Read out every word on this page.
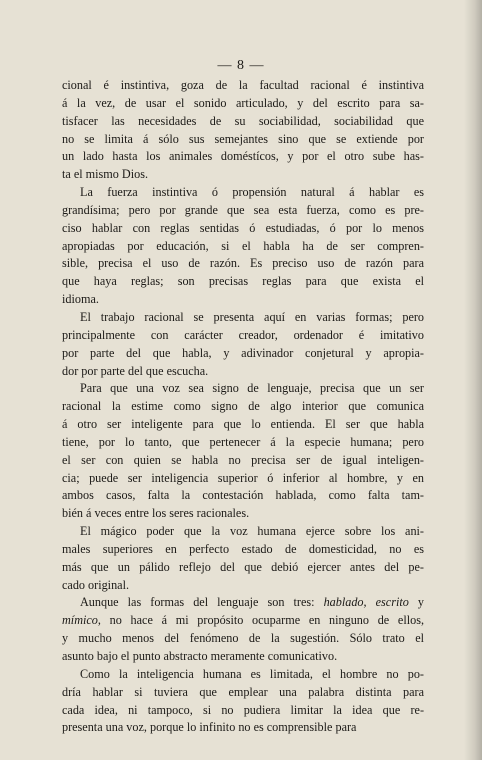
— 8 —
cional é instintiva, goza de la facultad racional é instintiva
á la vez, de usar el sonido articulado, y del escrito para sa-
tisfacer las necesidades de su sociabilidad, sociabilidad que
no se limita á sólo sus semejantes sino que se extiende por
un lado hasta los animales doméstícos, y por el otro sube has-
ta el mismo Dios.
La fuerza instintiva ó propensión natural á hablar es
grandísima; pero por grande que sea esta fuerza, como es pre-
ciso hablar con reglas sentidas ó estudiadas, ó por lo menos
apropiadas por educación, si el habla ha de ser compren-
sible, precisa el uso de razón. Es preciso uso de razón para
que haya reglas; son precisas reglas para que exista el
idioma.
El trabajo racional se presenta aquí en varias formas; pero
principalmente con carácter creador, ordenador é imitativo
por parte del que habla, y adivinador conjetural y apropia-
dor por parte del que escucha.
Para que una voz sea signo de lenguaje, precisa que un ser
racional la estime como signo de algo interior que comunica
á otro ser inteligente para que lo entienda. El ser que habla
tiene, por lo tanto, que pertenecer á la especie humana; pero
el ser con quien se habla no precisa ser de igual inteligen-
cia; puede ser inteligencia superior ó inferior al hombre, y en
ambos casos, falta la contestación hablada, como falta tam-
bién á veces entre los seres racionales.
El mágico poder que la voz humana ejerce sobre los ani-
males superiores en perfecto estado de domesticidad, no es
más que un pálido reflejo del que debió ejercer antes del pe-
cado original.
Aunque las formas del lenguaje son tres: hablado, escrito y
mímico, no hace á mi propósito ocuparme en ninguno de ellos,
y mucho menos del fenómeno de la sugestión. Sólo trato el
asunto bajo el punto abstracto meramente comunicativo.
Como la inteligencia humana es limitada, el hombre no po-
dría hablar si tuviera que emplear una palabra distinta para
cada idea, ni tampoco, si no pudiera limitar la idea que re-
presenta una voz, porque lo infinito no es comprensible para
